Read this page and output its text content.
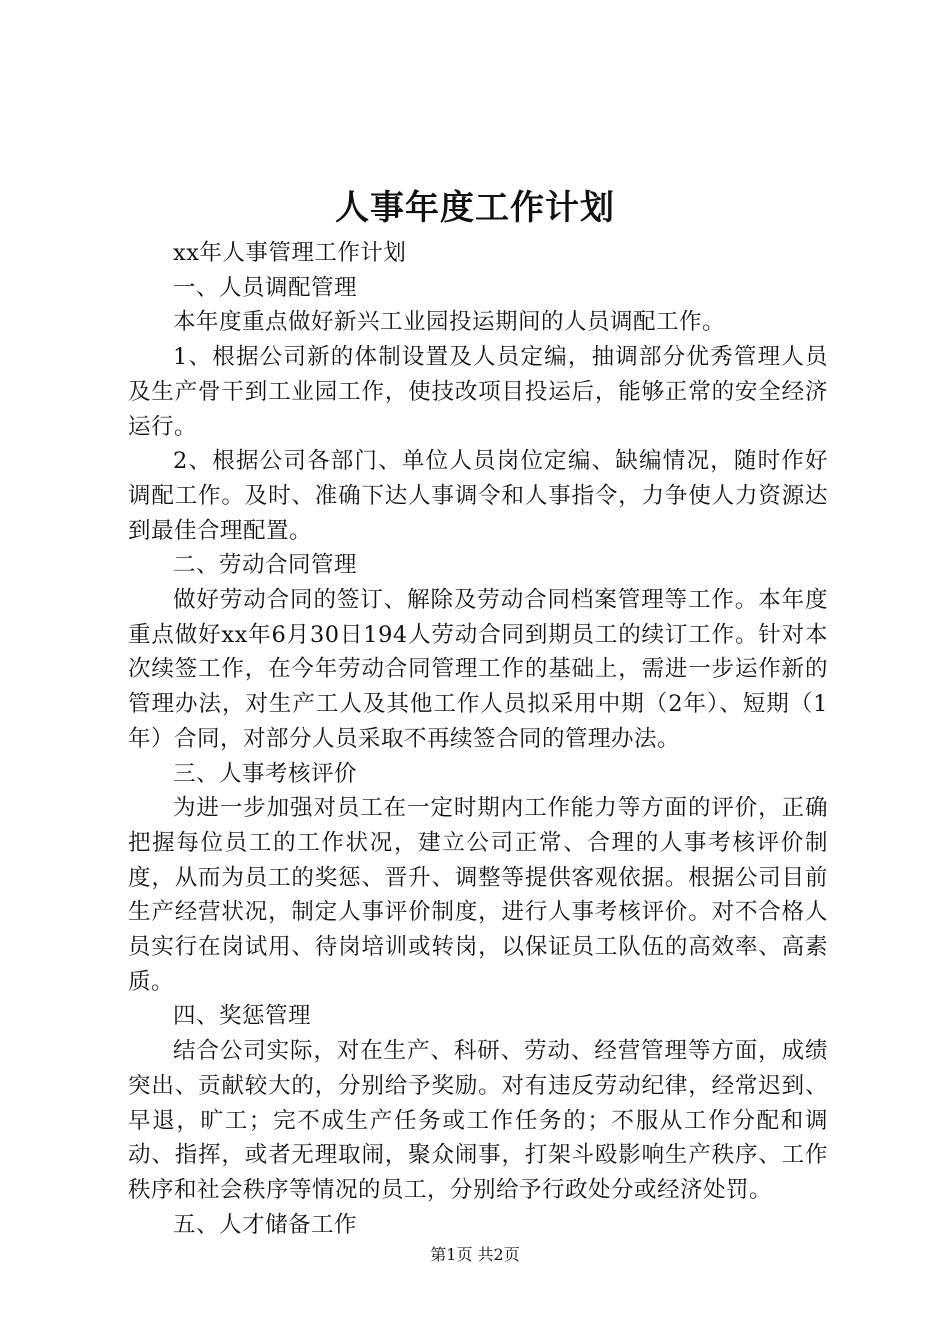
人事年度工作计划

xx年人事管理工作计划

一、人员调配管理

本年度重点做好新兴工业园投运期间的人员调配工作。

1、根据公司新的体制设置及人员定编，抽调部分优秀管理人员及生产骨干到工业园工作，使技改项目投运后，能够正常的安全经济运行。

2、根据公司各部门、单位人员岗位定编、缺编情况，随时作好调配工作。及时、准确下达人事调令和人事指令，力争使人力资源达到最佳合理配置。

二、劳动合同管理

做好劳动合同的签订、解除及劳动合同档案管理等工作。本年度重点做好xx年6月30日194人劳动合同到期员工的续订工作。针对本次续签工作，在今年劳动合同管理工作的基础上，需进一步运作新的管理办法，对生产工人及其他工作人员拟采用中期（2年）、短期（1年）合同，对部分人员采取不再续签合同的管理办法。

三、人事考核评价

为进一步加强对员工在一定时期内工作能力等方面的评价，正确把握每位员工的工作状况，建立公司正常、合理的人事考核评价制度，从而为员工的奖惩、晋升、调整等提供客观依据。根据公司目前生产经营状况，制定人事评价制度，进行人事考核评价。对不合格人员实行在岗试用、待岗培训或转岗，以保证员工队伍的高效率、高素质。

四、奖惩管理

结合公司实际，对在生产、科研、劳动、经营管理等方面，成绩突出、贡献较大的，分别给予奖励。对有违反劳动纪律，经常迟到、早退，旷工；完不成生产任务或工作任务的；不服从工作分配和调动、指挥，或者无理取闹，聚众闹事，打架斗殴影响生产秩序、工作秩序和社会秩序等情况的员工，分别给予行政处分或经济处罚。

五、人才储备工作

第1页 共2页
